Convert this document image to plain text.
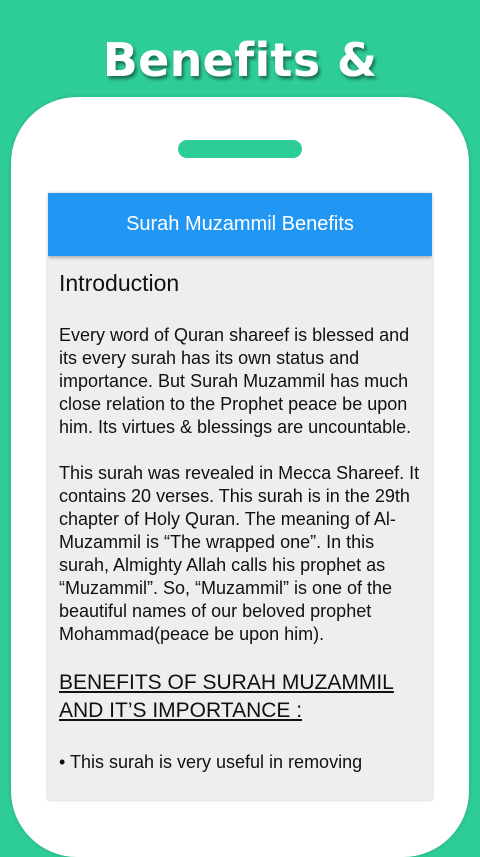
Benefits &
Surah Muzammil Benefits
Introduction

Every word of Quran shareef is blessed and its every surah has its own status and importance. But Surah Muzammil has much close relation to the Prophet peace be upon him. Its virtues & blessings are uncountable.

This surah was revealed in Mecca Shareef. It contains 20 verses. This surah is in the 29th chapter of Holy Quran. The meaning of Al-Muzammil is “The wrapped one”. In this surah, Almighty Allah calls his prophet as “Muzammil”. So, “Muzammil” is one of the beautiful names of our beloved prophet Mohammad(peace be upon him).

BENEFITS OF SURAH MUZAMMIL AND IT’S IMPORTANCE :

• This surah is very useful in removing
